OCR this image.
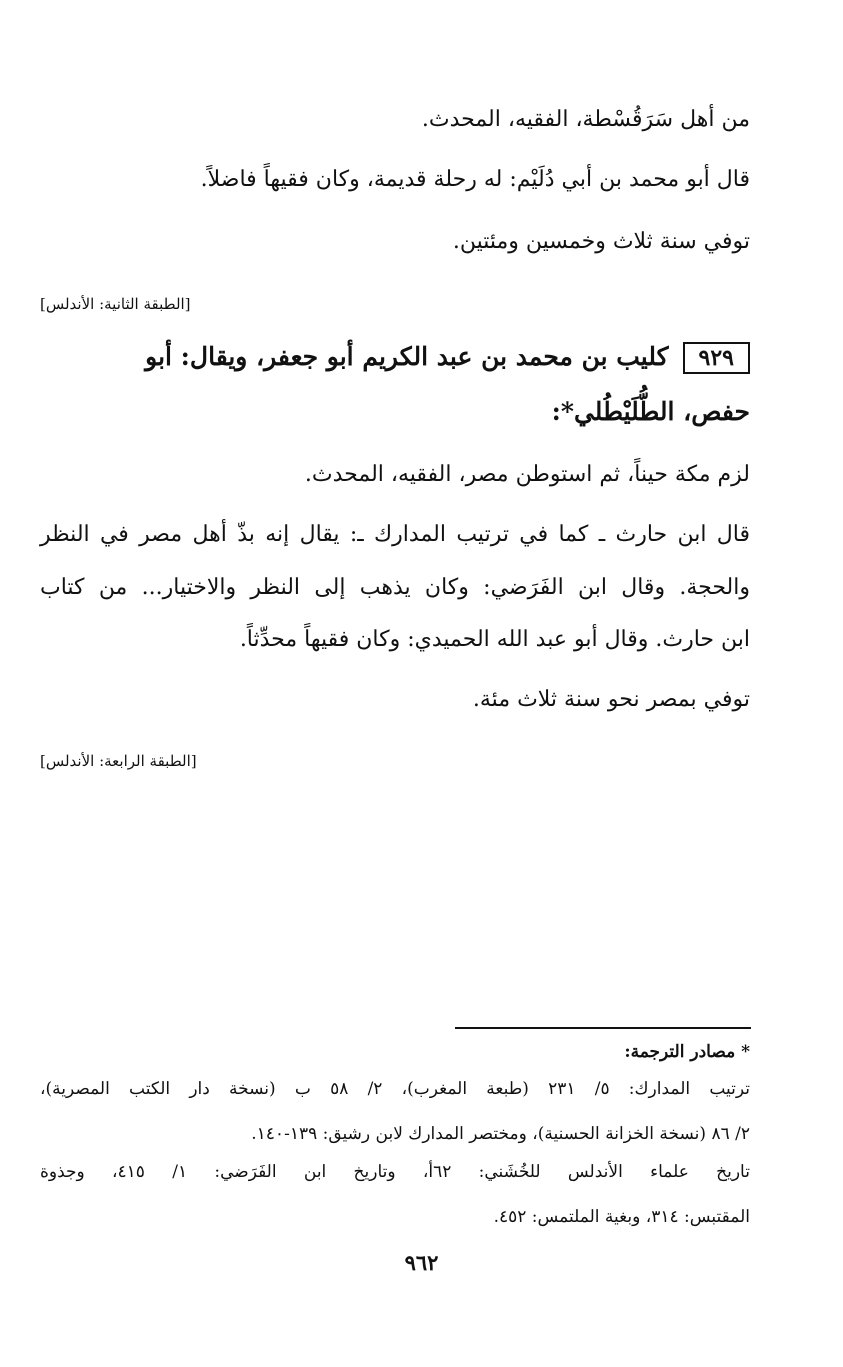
من أهل سَرَقُسْطة، الفقيه، المحدث.
قال أبو محمد بن أبي دُلَيْم: له رحلة قديمة، وكان فقيهاً فاضلاً.
توفي سنة ثلاث وخمسين ومئتين.
[الطبقة الثانية: الأندلس]
٩٢٩كليب بن محمد بن عبد الكريم أبو جعفر، ويقال: أبو
حفص، الطُّلَيْطُلي*:
لزم مكة حيناً، ثم استوطن مصر، الفقيه، المحدث.
قال ابن حارث ـ كما في ترتيب المدارك ـ: يقال إنه بذّ أهل مصر في النظر
والحجة. وقال ابن الفَرَضي: وكان يذهب إلى النظر والاختيار... من كتاب
ابن حارث. وقال أبو عبد الله الحميدي: وكان فقيهاً محدِّثاً.
توفي بمصر نحو سنة ثلاث مئة.
[الطبقة الرابعة: الأندلس]
* مصادر الترجمة:
ترتيب المدارك: ٥/ ٢٣١ (طبعة المغرب)، ٢/ ٥٨ ب (نسخة دار الكتب المصرية)،
٢/ ٨٦ (نسخة الخزانة الحسنية)، ومختصر المدارك لابن رشيق: ١٣٩-١٤٠.
تاريخ علماء الأندلس للخُشَني: ٦٢أ، وتاريخ ابن الفَرَضي: ١/ ٤١٥، وجذوة
المقتبس: ٣١٤، وبغية الملتمس: ٤٥٢.
٩٦٢
